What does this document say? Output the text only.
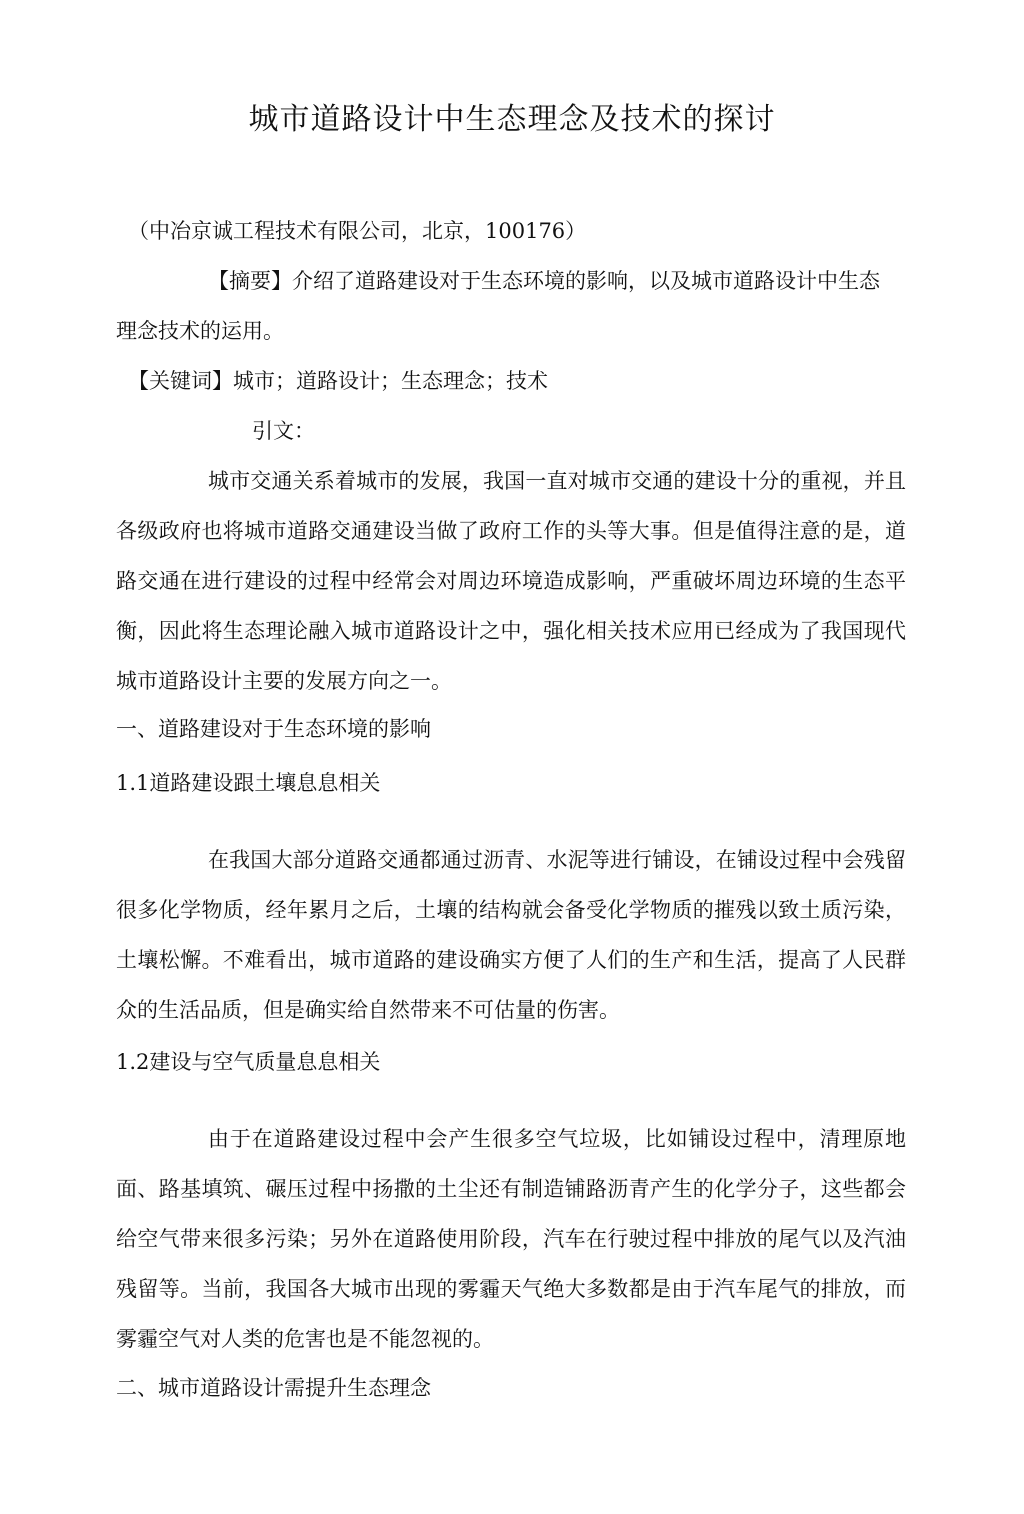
城市道路设计中生态理念及技术的探讨
（中冶京诚工程技术有限公司，北京，100176）
【摘要】介绍了道路建设对于生态环境的影响，以及城市道路设计中生态
理念技术的运用。
【关键词】城市；道路设计；生态理念；技术
引文：
城市交通关系着城市的发展，我国一直对城市交通的建设十分的重视，并且各级政府也将城市道路交通建设当做了政府工作的头等大事。但是值得注意的是，道路交通在进行建设的过程中经常会对周边环境造成影响，严重破坏周边环境的生态平衡，因此将生态理论融入城市道路设计之中，强化相关技术应用已经成为了我国现代城市道路设计主要的发展方向之一。
一、道路建设对于生态环境的影响
1.1道路建设跟土壤息息相关
在我国大部分道路交通都通过沥青、水泥等进行铺设，在铺设过程中会残留很多化学物质，经年累月之后，土壤的结构就会备受化学物质的摧残以致土质污染，土壤松懈。不难看出，城市道路的建设确实方便了人们的生产和生活，提高了人民群众的生活品质，但是确实给自然带来不可估量的伤害。
1.2建设与空气质量息息相关
由于在道路建设过程中会产生很多空气垃圾，比如铺设过程中，清理原地面、路基填筑、碾压过程中扬撒的土尘还有制造铺路沥青产生的化学分子，这些都会给空气带来很多污染；另外在道路使用阶段，汽车在行驶过程中排放的尾气以及汽油残留等。当前，我国各大城市出现的雾霾天气绝大多数都是由于汽车尾气的排放，而雾霾空气对人类的危害也是不能忽视的。
二、城市道路设计需提升生态理念
